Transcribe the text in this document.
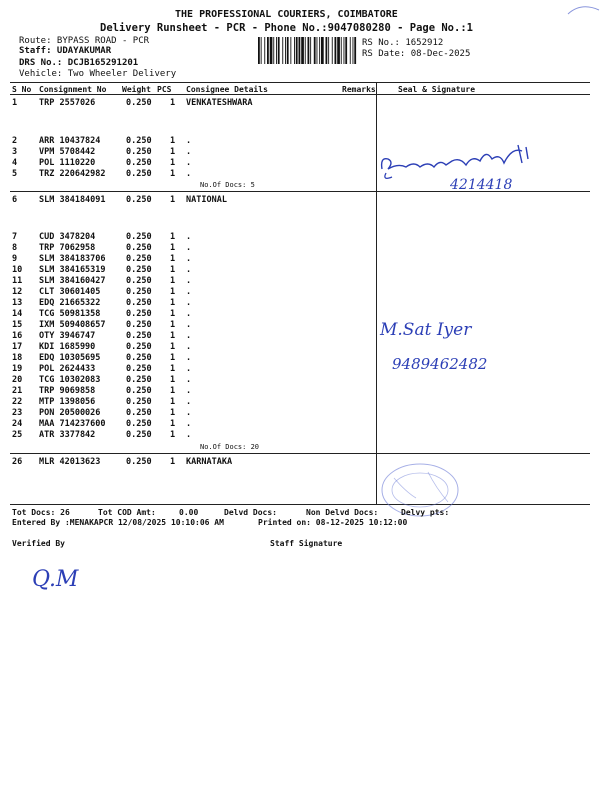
THE PROFESSIONAL COURIERS, COIMBATORE
Delivery Runsheet - PCR - Phone No.:9047080280 - Page No.:1
Route: BYPASS ROAD - PCR
Staff: UDAYAKUMAR
DRS No.: DCJB165291201
Vehicle: Two Wheeler Delivery
RS No.: 1652912
RS Date: 08-Dec-2025
S No Consignment No Weight PCS Consignee Details	Remarks	Seal & Signature
1	TRP 2557026	0.250 1 VENKATESHWARA
2	ARR 10437824	0.250 1 .
3	VPM 5708442	0.250 1 .
4	POL 1110220	0.250 1 .
5	TRZ 220642982 0.250 1 .
No.Of Docs: 5
6	SLM 384184091 0.250 1 NATIONAL
7	CUD 3478204	0.250 1 .
8	TRP 7062958	0.250 1 .
9	SLM 384183706 0.250 1 .
10 SLM 384165319 0.250 1 .
11 SLM 384160427 0.250 1 .
12 CLT 30601405	0.250 1 .
13 EDQ 21665322	0.250 1 .
14 TCG 50981358	0.250 1 .
15 IXM 509408657 0.250 1 .
16 OTY 3946747	0.250 1 .
17 KDI 1685990	0.250 1 .
18 EDQ 10305695	0.250 1 .
19 POL 2624433	0.250 1 .
20 TCG 10302083	0.250 1 .
21 TRP 9069858	0.250 1 .
22 MTP 1398056	0.250 1 .
23 PON 20500026	0.250 1 .
24 MAA 714237600 0.250 1 .
25 ATR 3377842	0.250 1 .
No.Of Docs: 20
26 MLR 42013623	0.250 1 KARNATAKA
4214418
M.Sat Iyer
9489462482
Tot Docs: 26	Tot COD Amt:	0.00	Delvd Docs:	Non Delvd Docs:	Delvy pts:
Entered By :MENAKAPCR 12/08/2025 10:10:06 AM	Printed on: 08-12-2025 10:12:00
Verified By	Staff Signature
Q.M
